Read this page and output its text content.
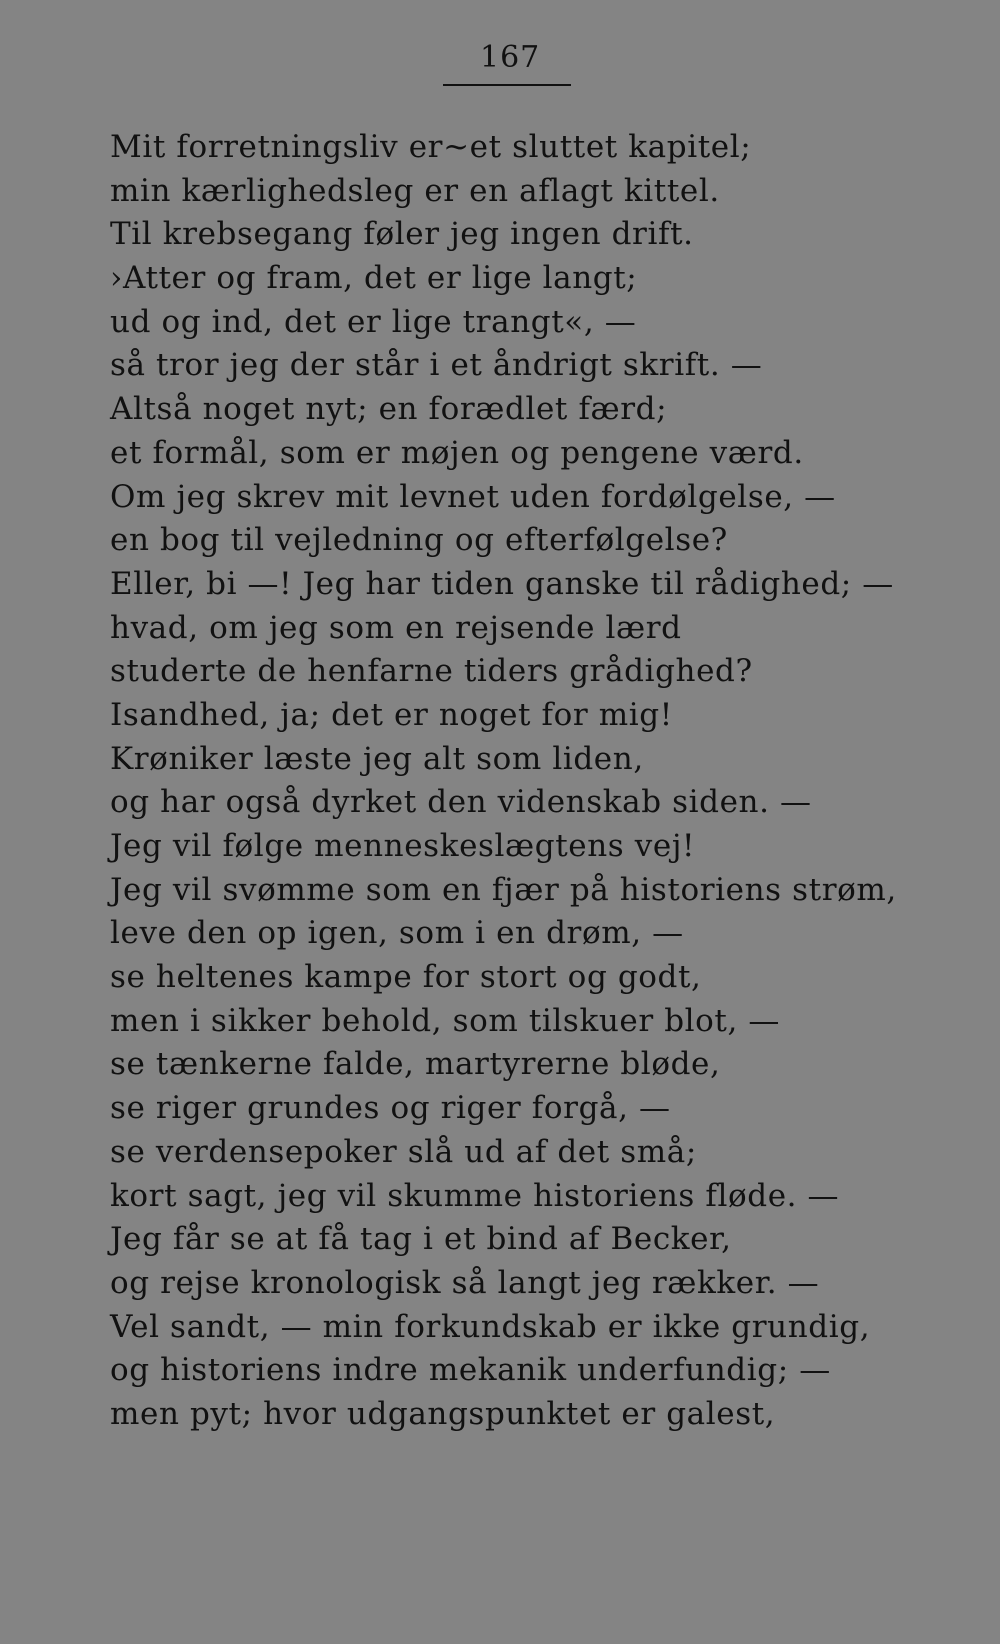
167
Mit forretningsliv er~et sluttet kapitel;
min kærlighedsleg er en aflagt kittel.
Til krebsegang føler jeg ingen drift.
›Atter og fram, det er lige langt;
ud og ind, det er lige trangt«, —
så tror jeg der står i et åndrigt skrift. —
Altså noget nyt; en forædlet færd;
et formål, som er møjen og pengene værd.
Om jeg skrev mit levnet uden fordølgelse, —
en bog til vejledning og efterfølgelse?
Eller, bi —! Jeg har tiden ganske til rådighed; —
hvad, om jeg som en rejsende lærd
studerte de henfarne tiders grådighed?
Isandhed, ja; det er noget for mig!
Krøniker læste jeg alt som liden,
og har også dyrket den videnskab siden. —
Jeg vil følge menneskeslægtens vej!
Jeg vil svømme som en fjær på historiens strøm,
leve den op igen, som i en drøm, —
se heltenes kampe for stort og godt,
men i sikker behold, som tilskuer blot, —
se tænkerne falde, martyrerne bløde,
se riger grundes og riger forgå, —
se verdensepoker slå ud af det små;
kort sagt, jeg vil skumme historiens fløde. —
Jeg får se at få tag i et bind af Becker,
og rejse kronologisk så langt jeg rækker. —
Vel sandt, — min forkundskab er ikke grundig,
og historiens indre mekanik underfundig; —
men pyt; hvor udgangspunktet er galest,
